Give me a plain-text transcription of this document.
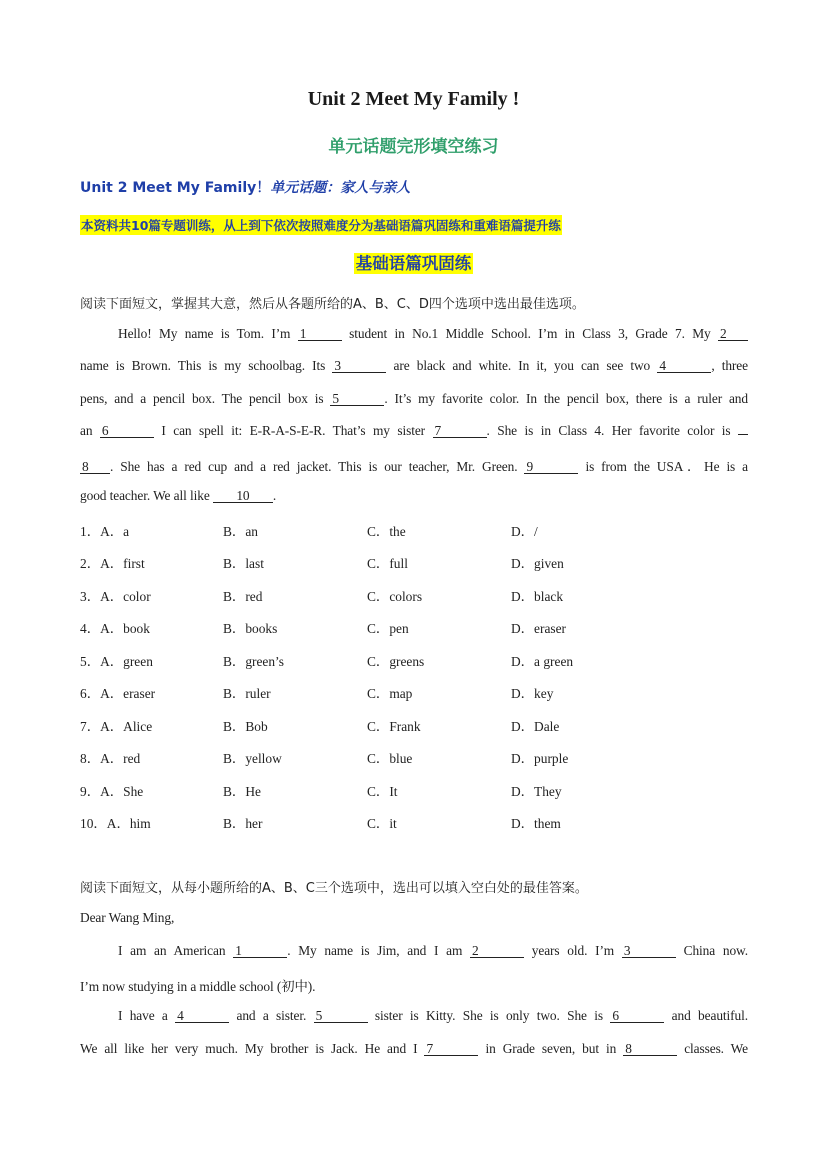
Unit 2 Meet My Family !
单元话题完形填空练习
Unit 2 Meet My Family！单元话题：家人与亲人
本资料共10篇专题训练，从上到下依次按照难度分为基础语篇巩固练和重难语篇提升练
基础语篇巩固练
阅读下面短文，掌握其大意，然后从各题所给的A、B、C、D四个选项中选出最佳选项。
Hello! My name is Tom. I’m 1	student in No.1 Middle School. I’m in Class 3, Grade 7. My 2
name is Brown. This is my schoolbag. Its 3	are black and white. In it, you can see two 4	, three
pens, and a pencil box. The pencil box is 5	. It’s my favorite color. In the pencil box, there is a ruler and
an 6	I can spell it: E-R-A-S-E-R. That’s my sister 7	. She is in Class 4. Her favorite color is
8 . She has a red cup and a red jacket. This is our teacher, Mr. Green. 9	is from the USA．He is a
good teacher. We all like 10 .
1．A．a	B．an	C．the	D．/
2．A．first	B．last	C．full	D．given
3．A．color	B．red	C．colors	D．black
4．A．book	B．books	C．pen	D．eraser
5．A．green	B．green’s	C．greens	D．a green
6．A．eraser	B．ruler	C．map	D．key
7．A．Alice	B．Bob	C．Frank	D．Dale
8．A．red	B．yellow	C．blue	D．purple
9．A．She	B．He	C．It	D．They
10．A．him	B．her	C．it	D．them
阅读下面短文，从每小题所给的A、B、C三个选项中，选出可以填入空白处的最佳答案。
Dear Wang Ming,
I am an American 1	. My name is Jim, and I am 2	years old. I’m 3	China now.
I’m now studying in a middle school (初中).
I have a 4	and a sister. 5	sister is Kitty. She is only two. She is 6	and beautiful.
We all like her very much. My brother is Jack. He and I 7	in Grade seven, but in 8	classes. We
